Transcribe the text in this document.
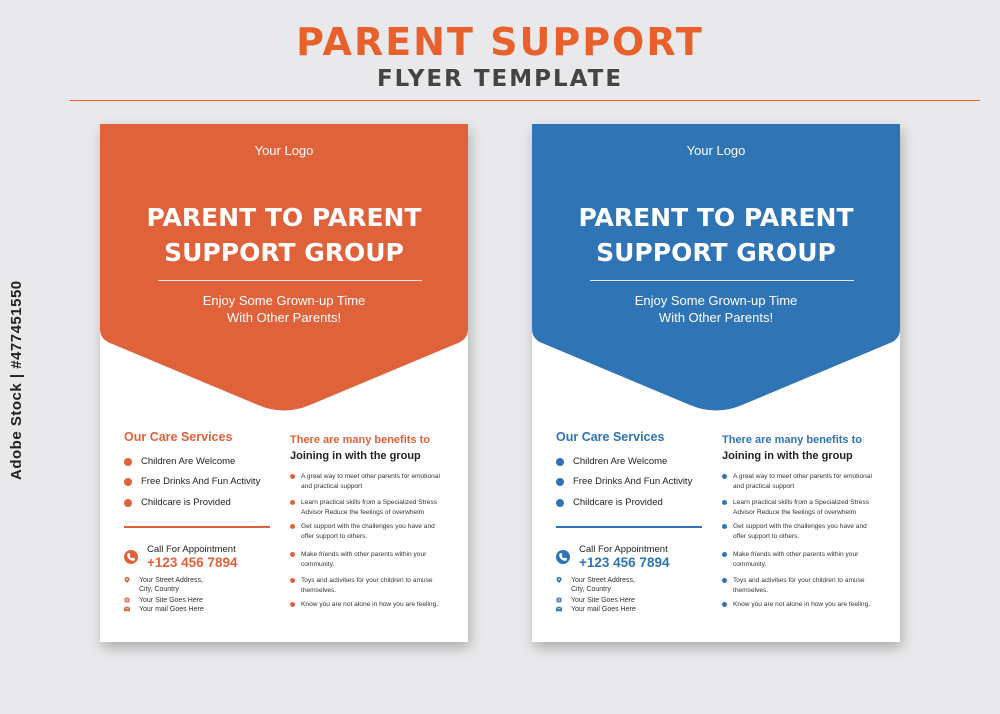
PARENT SUPPORT
FLYER TEMPLATE
Adobe Stock | #477451550
Your Logo
PARENT TO PARENT
SUPPORT GROUP
Enjoy Some Grown-up Time
With Other Parents!
Our Care Services
Children Are Welcome
Free Drinks And Fun Activity
Childcare is Provided
Call For Appointment
+123 456 7894
Your Street Address,
City, Country
Your Site Goes Here
Your mail Goes Here
There are many benefits to
Joining in with the group
A great way to meet other parents for emotional
and practical support
Learn practical skills from a Specialized Stress
Advisor Reduce the feelings of overwhelm
Get support with the challenges you have and
offer support to others.
Make friends with other parents within your
community.
Toys and activities for your children to amuse
themselves.
Know you are not alone in how you are feeling.

Your Logo
PARENT TO PARENT
SUPPORT GROUP
Enjoy Some Grown-up Time
With Other Parents!
Our Care Services
Children Are Welcome
Free Drinks And Fun Activity
Childcare is Provided
Call For Appointment
+123 456 7894
Your Street Address,
City, Country
Your Site Goes Here
Your mail Goes Here
There are many benefits to
Joining in with the group
A great way to meet other parents for emotional
and practical support
Learn practical skills from a Specialized Stress
Advisor Reduce the feelings of overwhelm
Get support with the challenges you have and
offer support to others.
Make friends with other parents within your
community.
Toys and activities for your children to amuse
themselves.
Know you are not alone in how you are feeling.
